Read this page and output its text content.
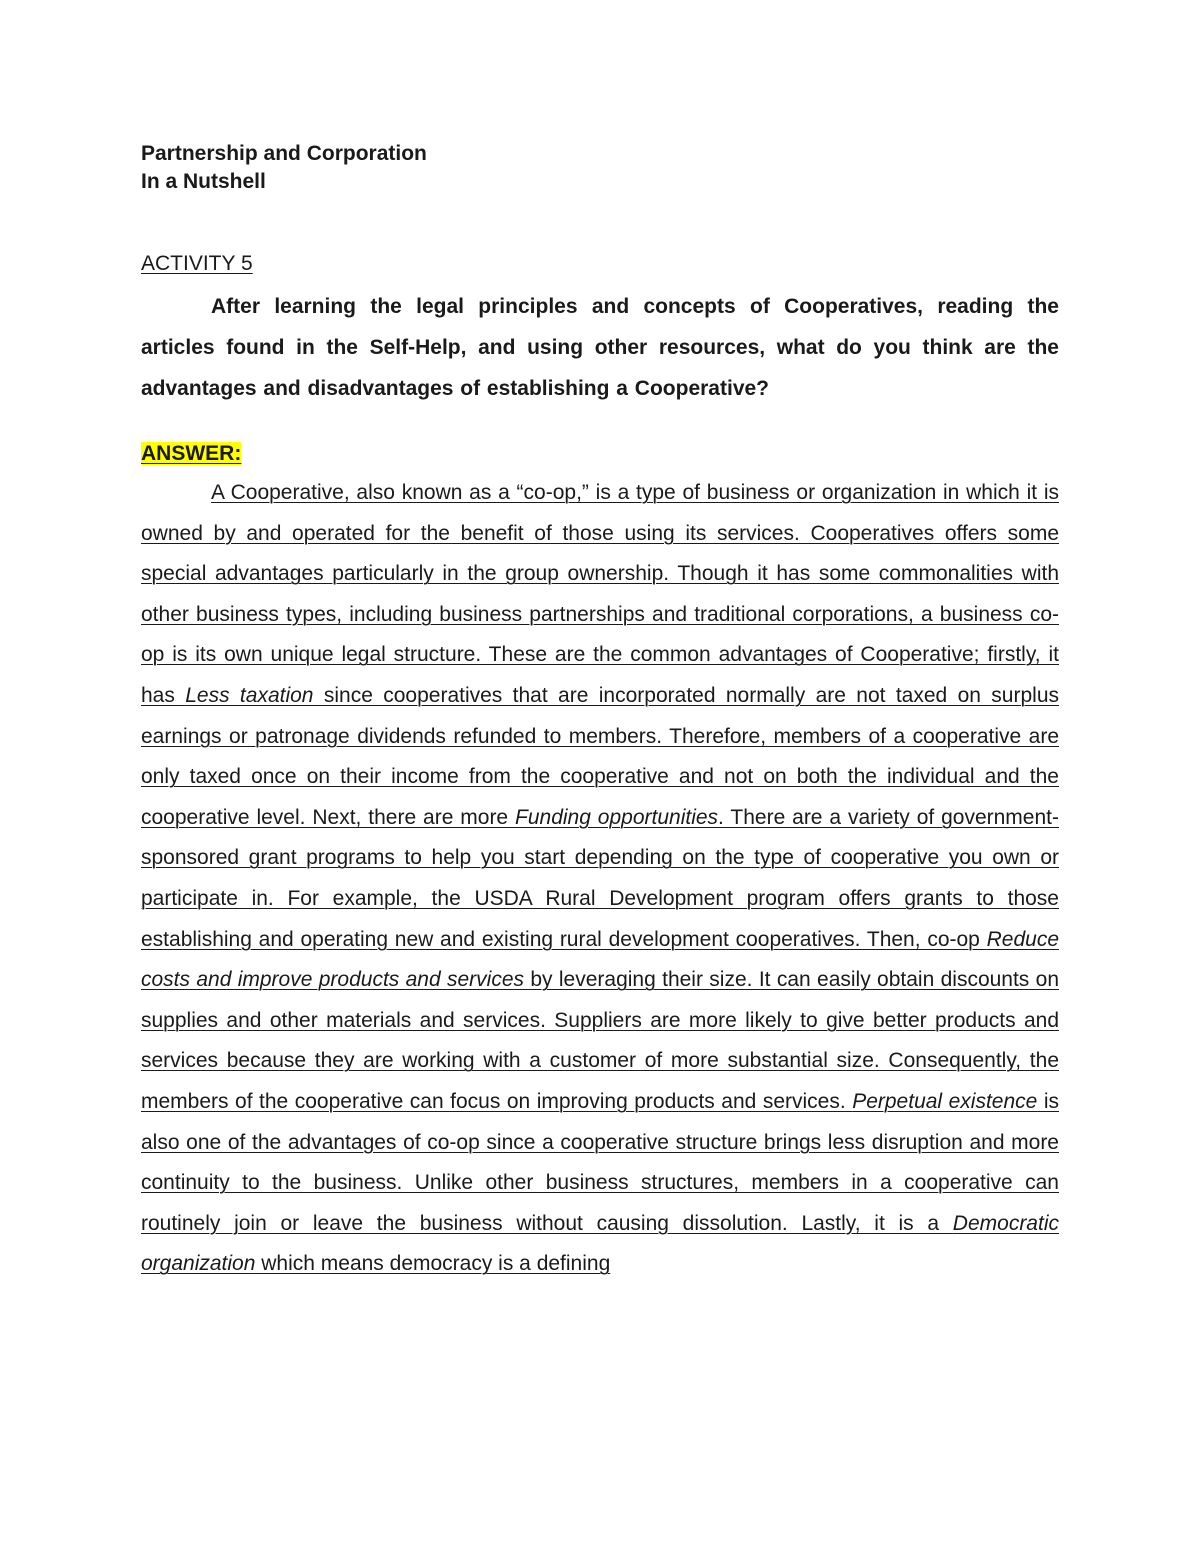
Partnership and Corporation
In a Nutshell

ACTIVITY 5
After learning the legal principles and concepts of Cooperatives, reading the articles found in the Self-Help, and using other resources, what do you think are the advantages and disadvantages of establishing a Cooperative?
ANSWER:
A Cooperative, also known as a “co-op,” is a type of business or organization in which it is owned by and operated for the benefit of those using its services. Cooperatives offers some special advantages particularly in the group ownership. Though it has some commonalities with other business types, including business partnerships and traditional corporations, a business co-op is its own unique legal structure. These are the common advantages of Cooperative; firstly, it has Less taxation since cooperatives that are incorporated normally are not taxed on surplus earnings or patronage dividends refunded to members. Therefore, members of a cooperative are only taxed once on their income from the cooperative and not on both the individual and the cooperative level. Next, there are more Funding opportunities. There are a variety of government-sponsored grant programs to help you start depending on the type of cooperative you own or participate in. For example, the USDA Rural Development program offers grants to those establishing and operating new and existing rural development cooperatives. Then, co-op Reduce costs and improve products and services by leveraging their size. It can easily obtain discounts on supplies and other materials and services. Suppliers are more likely to give better products and services because they are working with a customer of more substantial size. Consequently, the members of the cooperative can focus on improving products and services. Perpetual existence is also one of the advantages of co-op since a cooperative structure brings less disruption and more continuity to the business. Unlike other business structures, members in a cooperative can routinely join or leave the business without causing dissolution. Lastly, it is a Democratic organization which means democracy is a defining
